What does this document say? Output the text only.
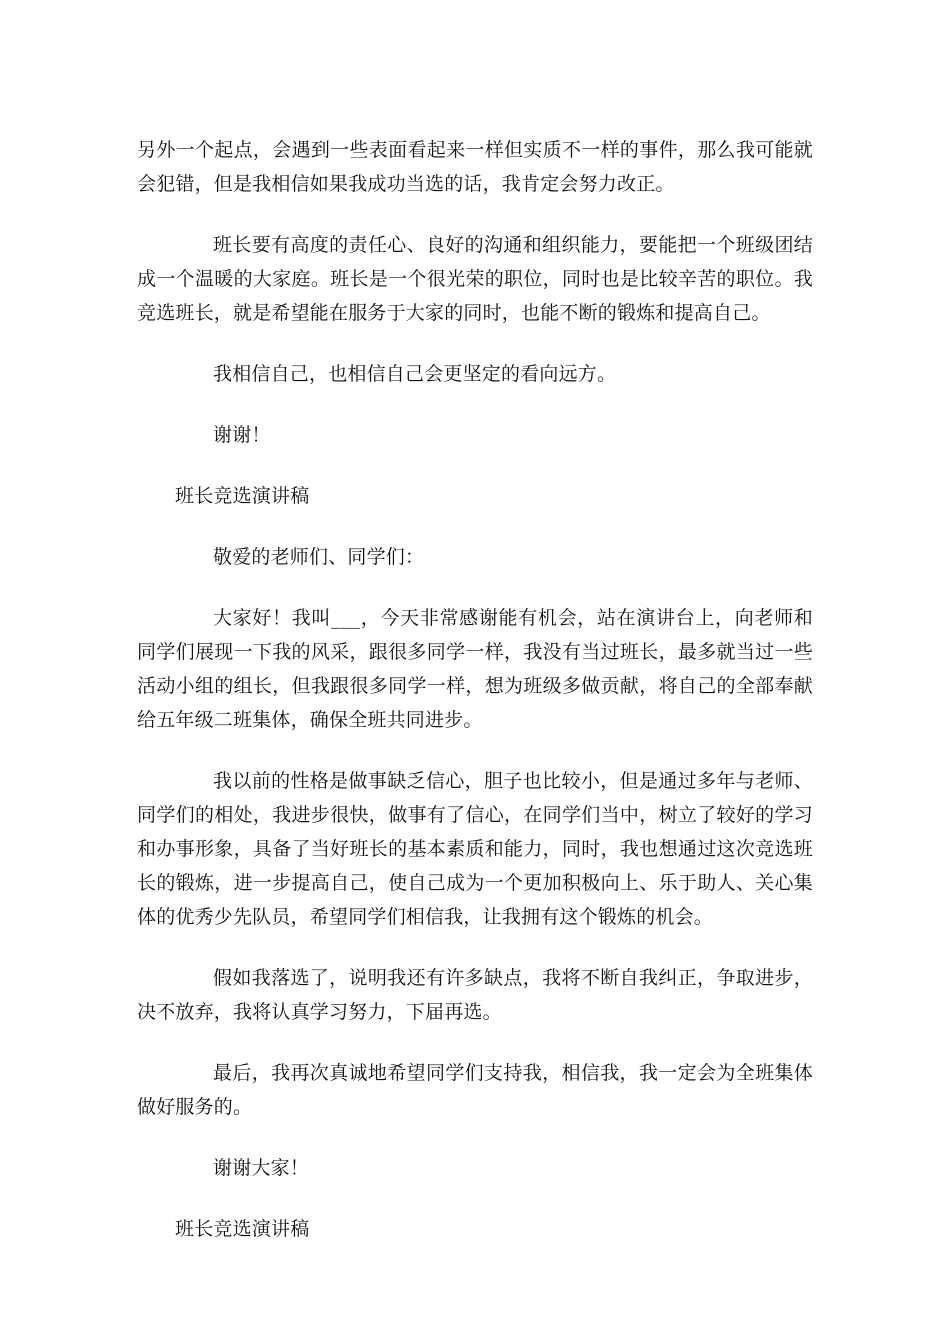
另外一个起点，会遇到一些表面看起来一样但实质不一样的事件，那么我可能就会犯错，但是我相信如果我成功当选的话，我肯定会努力改正。

班长要有高度的责任心、良好的沟通和组织能力，要能把一个班级团结成一个温暖的大家庭。班长是一个很光荣的职位，同时也是比较辛苦的职位。我竞选班长，就是希望能在服务于大家的同时，也能不断的锻炼和提高自己。

我相信自己，也相信自己会更坚定的看向远方。

谢谢！

班长竞选演讲稿

敬爱的老师们、同学们：

大家好！我叫___，今天非常感谢能有机会，站在演讲台上，向老师和同学们展现一下我的风采，跟很多同学一样，我没有当过班长，最多就当过一些活动小组的组长，但我跟很多同学一样，想为班级多做贡献，将自己的全部奉献给五年级二班集体，确保全班共同进步。

我以前的性格是做事缺乏信心，胆子也比较小，但是通过多年与老师、同学们的相处，我进步很快，做事有了信心，在同学们当中，树立了较好的学习和办事形象，具备了当好班长的基本素质和能力，同时，我也想通过这次竞选班长的锻炼，进一步提高自己，使自己成为一个更加积极向上、乐于助人、关心集体的优秀少先队员，希望同学们相信我，让我拥有这个锻炼的机会。

假如我落选了，说明我还有许多缺点，我将不断自我纠正，争取进步，决不放弃，我将认真学习努力，下届再选。

最后，我再次真诚地希望同学们支持我，相信我，我一定会为全班集体做好服务的。

谢谢大家！

班长竞选演讲稿
